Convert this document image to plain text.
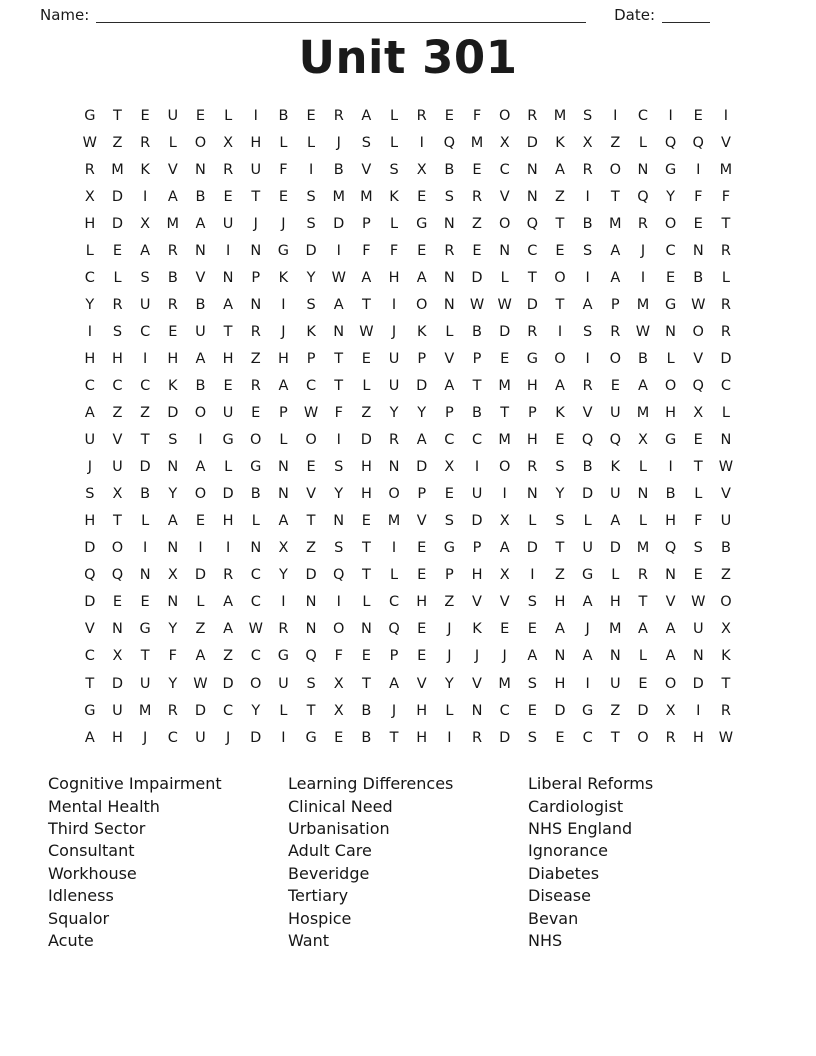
Name:	Date:
Unit 301
G	T	E	U	E	L	I	B	E	R	A	L	R	E	F	O	R	M	S	I	C	I	E	I
W	Z	R	L	O	X	H	L	L	J	S	L	I	Q	M	X	D	K	X	Z	L	Q	Q	V
R	M	K	V	N	R	U	F	I	B	V	S	X	B	E	C	N	A	R	O	N	G	I	M
X	D	I	A	B	E	T	E	S	M	M	K	E	S	R	V	N	Z	I	T	Q	Y	F	F
H	D	X	M	A	U	J	J	S	D	P	L	G	N	Z	O	Q	T	B	M	R	O	E	T
L	E	A	R	N	I	N	G	D	I	F	F	E	R	E	N	C	E	S	A	J	C	N	R
C	L	S	B	V	N	P	K	Y	W	A	H	A	N	D	L	T	O	I	A	I	E	B	L
Y	R	U	R	B	A	N	I	S	A	T	I	O	N	W W	D	T	A	P	M	G	W	R
I	S	C	E	U	T	R	J	K	N	W	J	K	L	B	D	R	I	S	R	W	N	O	R
H	H	I	H	A	H	Z	H	P	T	E	U	P	V	P	E	G	O	I	O	B	L	V	D
C	C	C	K	B	E	R	A	C	T	L	U	D	A	T	M	H	A	R	E	A	O	Q	C
A	Z	Z	D	O	U	E	P	W	F	Z	Y	Y	P	B	T	P	K	V	U	M	H	X	L
U	V	T	S	I	G	O	L	O	I	D	R	A	C	C	M	H	E	Q	Q	X	G	E	N
J	U	D	N	A	L	G	N	E	S	H	N	D	X	I	O	R	S	B	K	L	I	T	W
S	X	B	Y	O	D	B	N	V	Y	H	O	P	E	U	I	N	Y	D	U	N	B	L	V
H	T	L	A	E	H	L	A	T	N	E	M	V	S	D	X	L	S	L	A	L	H	F	U
D	O	I	N	I	I	N	X	Z	S	T	I	E	G	P	A	D	T	U	D	M	Q	S	B
Q	Q	N	X	D	R	C	Y	D	Q	T	L	E	P	H	X	I	Z	G	L	R	N	E	Z
D	E	E	N	L	A	C	I	N	I	L	C	H	Z	V	V	S	H	A	H	T	V	W	O
V	N	G	Y	Z	A	W	R	N	O	N	Q	E	J	K	E	E	A	J	M	A	A	U	X
C	X	T	F	A	Z	C	G	Q	F	E	P	E	J	J	J	A	N	A	N	L	A	N	K
T	D	U	Y	W	D	O	U	S	X	T	A	V	Y	V	M	S	H	I	U	E	O	D	T
G	U	M	R	D	C	Y	L	T	X	B	J	H	L	N	C	E	D	G	Z	D	X	I	R
A	H	J	C	U	J	D	I	G	E	B	T	H	I	R	D	S	E	C	T	O	R	H	W
Cognitive Impairment
Mental Health
Third Sector
Consultant
Workhouse
Idleness
Squalor
Acute
Learning Differences
Clinical Need
Urbanisation
Adult Care
Beveridge
Tertiary
Hospice
Want
Liberal Reforms
Cardiologist
NHS England
Ignorance
Diabetes
Disease
Bevan
NHS
